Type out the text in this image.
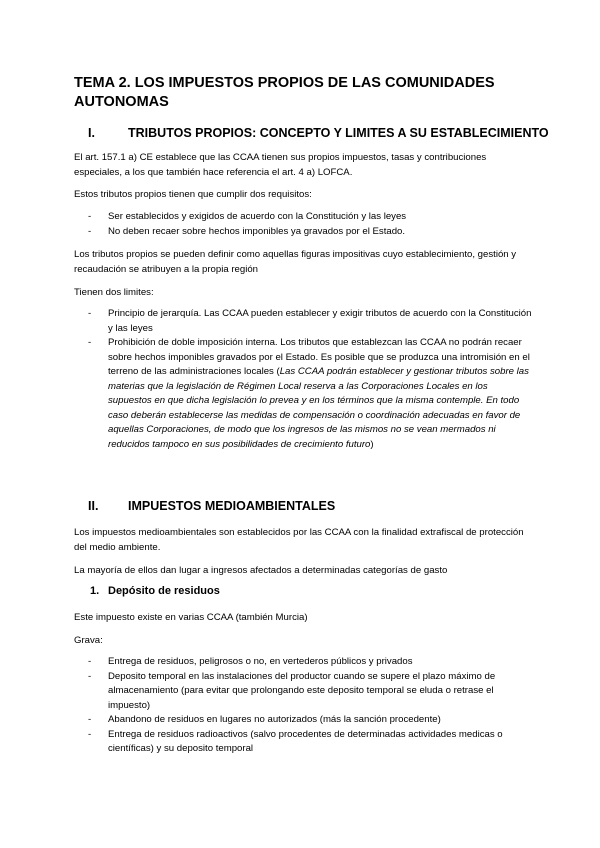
TEMA 2. LOS IMPUESTOS PROPIOS DE LAS COMUNIDADES AUTONOMAS
I.	TRIBUTOS PROPIOS: CONCEPTO Y LIMITES A SU ESTABLECIMIENTO
El art. 157.1 a) CE establece que las CCAA tienen sus propios impuestos, tasas y contribuciones especiales, a los que también hace referencia el art. 4 a) LOFCA.
Estos tributos propios tienen que cumplir dos requisitos:
- Ser establecidos y exigidos de acuerdo con la Constitución y las leyes
- No deben recaer sobre hechos imponibles ya gravados por el Estado.
Los tributos propios se pueden definir como aquellas figuras impositivas cuyo establecimiento, gestión y recaudación se atribuyen a la propia región
Tienen dos limites:
- Principio de jerarquía. Las CCAA pueden establecer y exigir tributos de acuerdo con la Constitución y las leyes
- Prohibición de doble imposición interna. Los tributos que establezcan las CCAA no podrán recaer sobre hechos imponibles gravados por el Estado. Es posible que se produzca una intromisión en el terreno de las administraciones locales (Las CCAA podrán establecer y gestionar tributos sobre las materias que la legislación de Régimen Local reserva a las Corporaciones Locales en los supuestos en que dicha legislación lo prevea y en los términos que la misma contemple. En todo caso deberán establecerse las medidas de compensación o coordinación adecuadas en favor de aquellas Corporaciones, de modo que los ingresos de las mismos no se vean mermados ni reducidos tampoco en sus posibilidades de crecimiento futuro)
II. IMPUESTOS MEDIOAMBIENTALES
Los impuestos medioambientales son establecidos por las CCAA con la finalidad extrafiscal de protección del medio ambiente.
La mayoría de ellos dan lugar a ingresos afectados a determinadas categorías de gasto
1. Depósito de residuos
Este impuesto existe en varias CCAA (también Murcia)
Grava:
- Entrega de residuos, peligrosos o no, en vertederos públicos y privados
- Deposito temporal en las instalaciones del productor cuando se supere el plazo máximo de almacenamiento (para evitar que prolongando este deposito temporal se eluda o retrase el impuesto)
- Abandono de residuos en lugares no autorizados (más la sanción procedente)
- Entrega de residuos radioactivos (salvo procedentes de determinadas actividades medicas o científicas) y su deposito temporal
